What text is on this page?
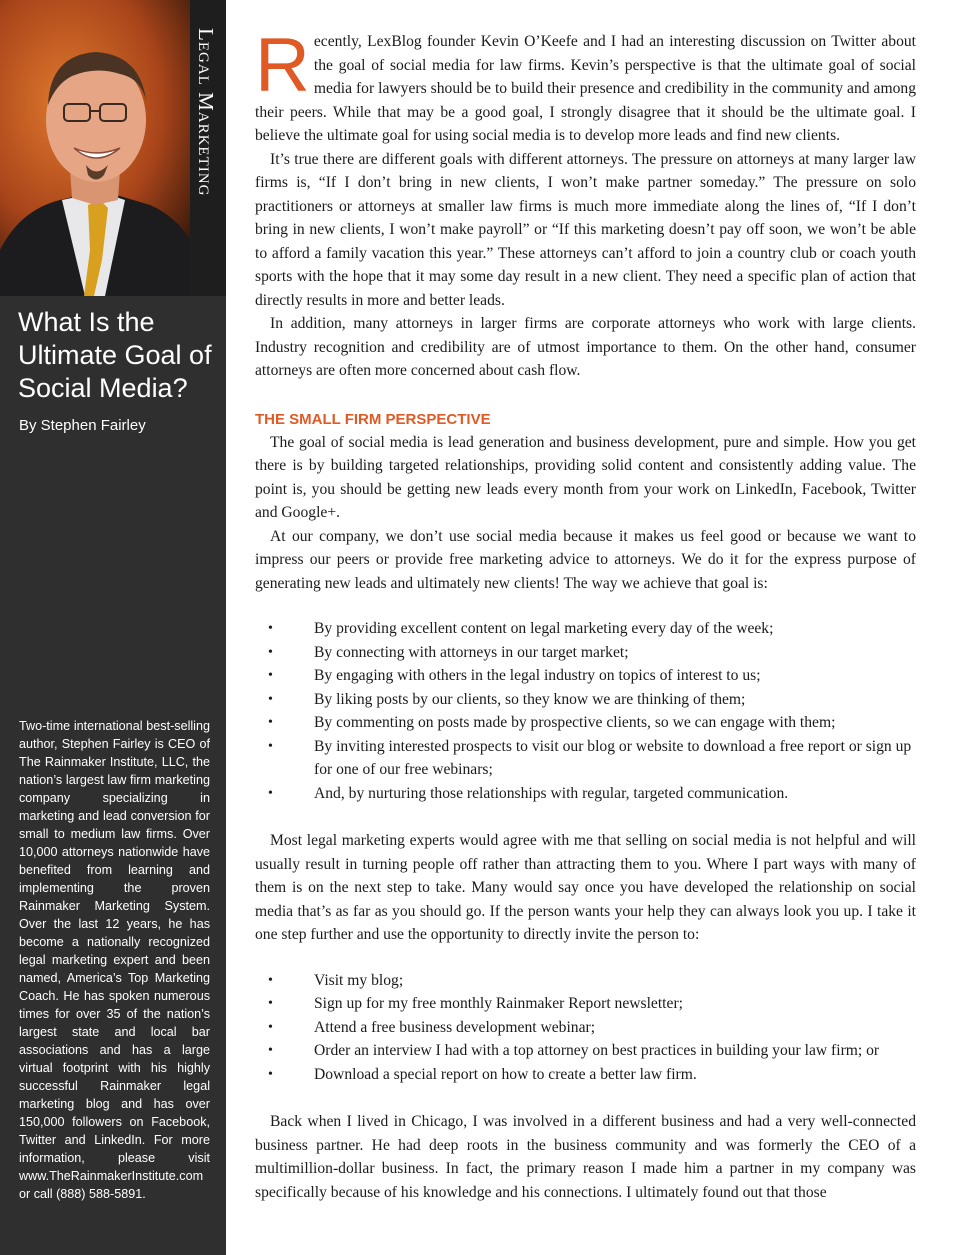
Legal Marketing
What Is the Ultimate Goal of Social Media?
By Stephen Fairley

Two-time international best-selling author, Stephen Fairley is CEO of The Rainmaker Institute, LLC, the nation’s largest law firm marketing company specializing in marketing and lead conversion for small to medium law firms. Over 10,000 attorneys nationwide have benefited from learning and implementing the proven Rainmaker Marketing System. Over the last 12 years, he has become a nationally recognized legal marketing expert and been named, America’s Top Marketing Coach. He has spoken numerous times for over 35 of the nation’s largest state and local bar associations and has a large virtual footprint with his highly successful Rainmaker legal marketing blog and has over 150,000 followers on Facebook, Twitter and LinkedIn. For more information, please visit www.TheRainmakerInstitute.com or call (888) 588-5891.

Recently, LexBlog founder Kevin O’Keefe and I had an interesting discussion on Twitter about the goal of social media for law firms. Kevin’s perspective is that the ultimate goal of social media for lawyers should be to build their presence and credibility in the community and among their peers. While that may be a good goal, I strongly disagree that it should be the ultimate goal. I believe the ultimate goal for using social media is to develop more leads and find new clients.

It’s true there are different goals with different attorneys. The pressure on attorneys at many larger law firms is, “If I don’t bring in new clients, I won’t make partner someday.” The pressure on solo practitioners or attorneys at smaller law firms is much more immediate along the lines of, “If I don’t bring in new clients, I won’t make payroll” or “If this marketing doesn’t pay off soon, we won’t be able to afford a family vacation this year.” These attorneys can’t afford to join a country club or coach youth sports with the hope that it may some day result in a new client. They need a specific plan of action that directly results in more and better leads.

In addition, many attorneys in larger firms are corporate attorneys who work with large clients. Industry recognition and credibility are of utmost importance to them. On the other hand, consumer attorneys are often more concerned about cash flow.

THE SMALL FIRM PERSPECTIVE

The goal of social media is lead generation and business development, pure and simple. How you get there is by building targeted relationships, providing solid content and consistently adding value. The point is, you should be getting new leads every month from your work on LinkedIn, Facebook, Twitter and Google+.

At our company, we don’t use social media because it makes us feel good or because we want to impress our peers or provide free marketing advice to attorneys. We do it for the express purpose of generating new leads and ultimately new clients! The way we achieve that goal is:

• By providing excellent content on legal marketing every day of the week;
• By connecting with attorneys in our target market;
• By engaging with others in the legal industry on topics of interest to us;
• By liking posts by our clients, so they know we are thinking of them;
• By commenting on posts made by prospective clients, so we can engage with them;
• By inviting interested prospects to visit our blog or website to download a free report or sign up for one of our free webinars;
• And, by nurturing those relationships with regular, targeted communication.

Most legal marketing experts would agree with me that selling on social media is not helpful and will usually result in turning people off rather than attracting them to you. Where I part ways with many of them is on the next step to take. Many would say once you have developed the relationship on social media that’s as far as you should go. If the person wants your help they can always look you up. I take it one step further and use the opportunity to directly invite the person to:

• Visit my blog;
• Sign up for my free monthly Rainmaker Report newsletter;
• Attend a free business development webinar;
• Order an interview I had with a top attorney on best practices in building your law firm; or
• Download a special report on how to create a better law firm.

Back when I lived in Chicago, I was involved in a different business and had a very well-connected business partner. He had deep roots in the business community and was formerly the CEO of a multimillion-dollar business. In fact, the primary reason I made him a partner in my company was specifically because of his knowledge and his connections. I ultimately found out that those
